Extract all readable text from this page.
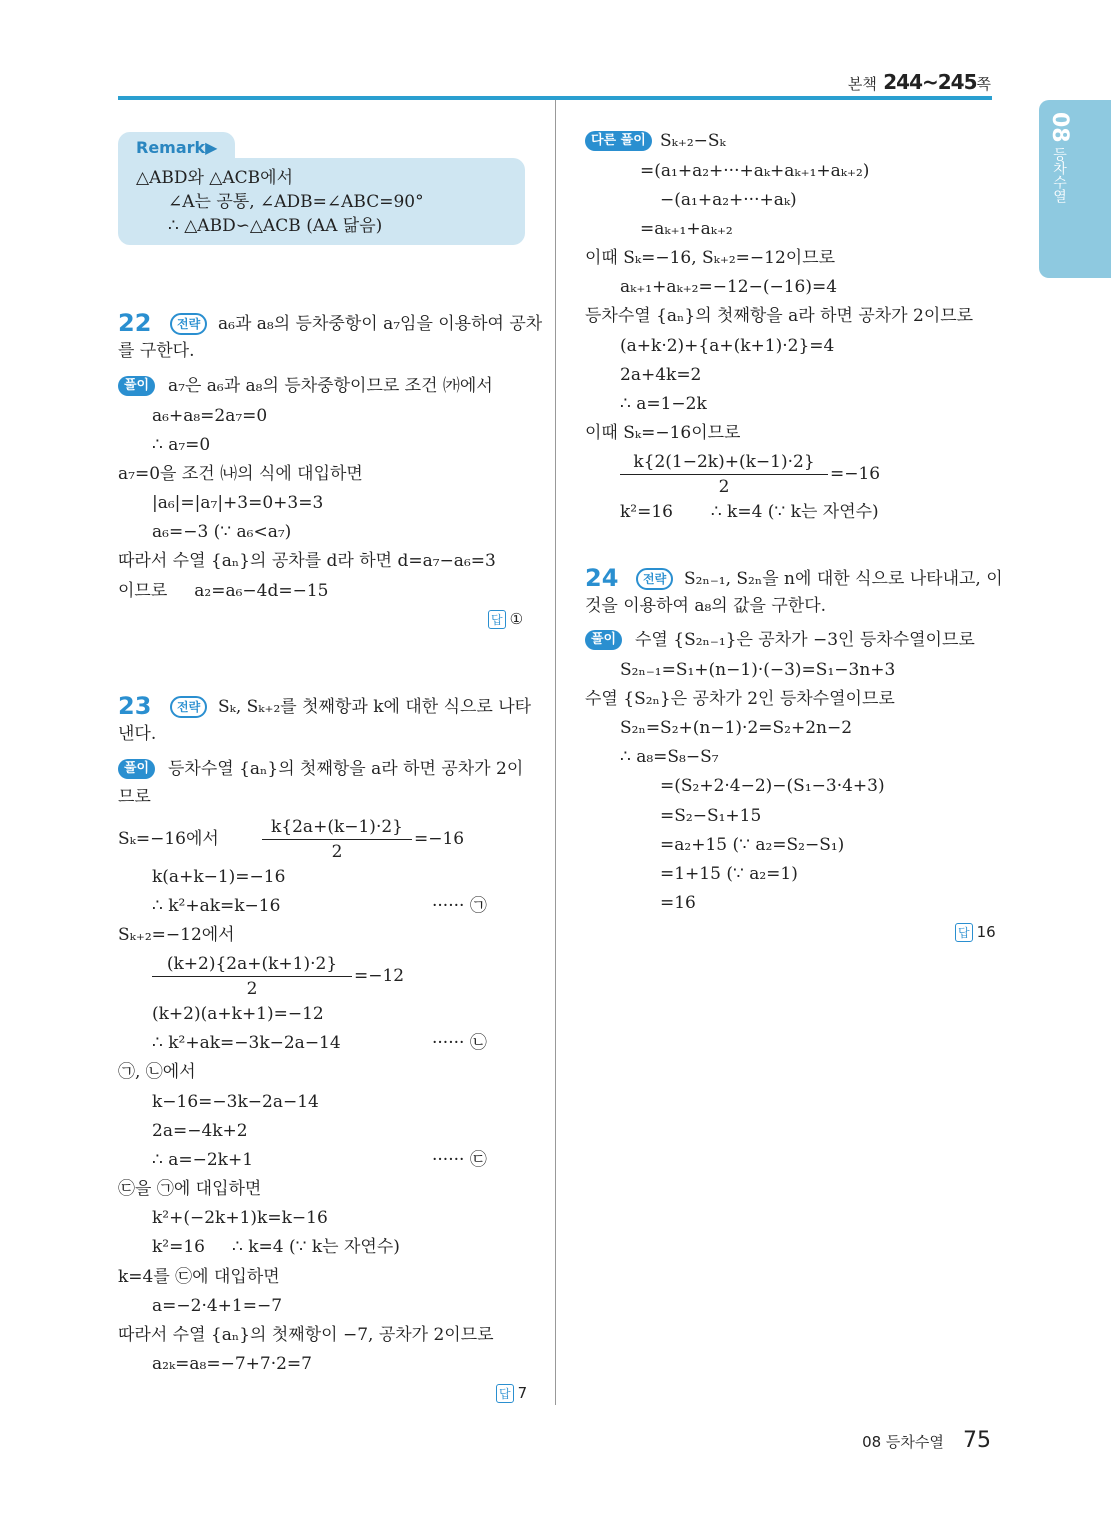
본책 244~245쪽
08 등차수열
Remark▶
△ABD와 △ACB에서
∠A는 공통, ∠ADB=∠ABC=90°
∴ △ABD∽△ACB (AA 닮음)
22	전략	a₆과 a₈의 등차중항이 a₇임을 이용하여 공차
를 구한다.
풀이	a₇은 a₆과 a₈의 등차중항이므로 조건 ㈎에서
a₆+a₈=2a₇=0
∴ a₇=0
a₇=0을 조건 ㈏의 식에 대입하면
|a₆|=|a₇|+3=0+3=3
a₆=−3 (∵ a₆<a₇)
따라서 수열 {aₙ}의 공차를 d라 하면 d=a₇−a₆=3
이므로     a₂=a₆−4d=−15
답 ①
23	전략	Sₖ, Sₖ₊₂를 첫째항과 k에 대한 식으로 나타
낸다.
풀이	등차수열 {aₙ}의 첫째항을 a라 하면 공차가 2이
므로
Sₖ=−16에서
k{2a+(k−1)·2}
2
=−16
k(a+k−1)=−16
∴ k²+ak=k−16	······ ㉠
Sₖ₊₂=−12에서
(k+2){2a+(k+1)·2}
2
=−12
(k+2)(a+k+1)=−12
∴ k²+ak=−3k−2a−14	······ ㉡
㉠, ㉡에서
k−16=−3k−2a−14
2a=−4k+2
∴ a=−2k+1	······ ㉢
㉢을 ㉠에 대입하면
k²+(−2k+1)k=k−16
k²=16     ∴ k=4 (∵ k는 자연수)
k=4를 ㉢에 대입하면
a=−2·4+1=−7
따라서 수열 {aₙ}의 첫째항이 −7, 공차가 2이므로
a₂ₖ=a₈=−7+7·2=7
답 7
다른 풀이 Sₖ₊₂−Sₖ
=(a₁+a₂+···+aₖ+aₖ₊₁+aₖ₊₂)
−(a₁+a₂+···+aₖ)
=aₖ₊₁+aₖ₊₂
이때 Sₖ=−16, Sₖ₊₂=−12이므로
aₖ₊₁+aₖ₊₂=−12−(−16)=4
등차수열 {aₙ}의 첫째항을 a라 하면 공차가 2이므로
(a+k·2)+{a+(k+1)·2}=4
2a+4k=2
∴ a=1−2k
이때 Sₖ=−16이므로
k{2(1−2k)+(k−1)·2}
2
=−16
k²=16       ∴ k=4 (∵ k는 자연수)
24	전략	S₂ₙ₋₁, S₂ₙ을 n에 대한 식으로 나타내고, 이
것을 이용하여 a₈의 값을 구한다.
풀이	수열 {S₂ₙ₋₁}은 공차가 −3인 등차수열이므로
S₂ₙ₋₁=S₁+(n−1)·(−3)=S₁−3n+3
수열 {S₂ₙ}은 공차가 2인 등차수열이므로
S₂ₙ=S₂+(n−1)·2=S₂+2n−2
∴ a₈=S₈−S₇
=(S₂+2·4−2)−(S₁−3·4+3)
=S₂−S₁+15
=a₂+15 (∵ a₂=S₂−S₁)
=1+15 (∵ a₂=1)
=16
답 16
08 등차수열 75
